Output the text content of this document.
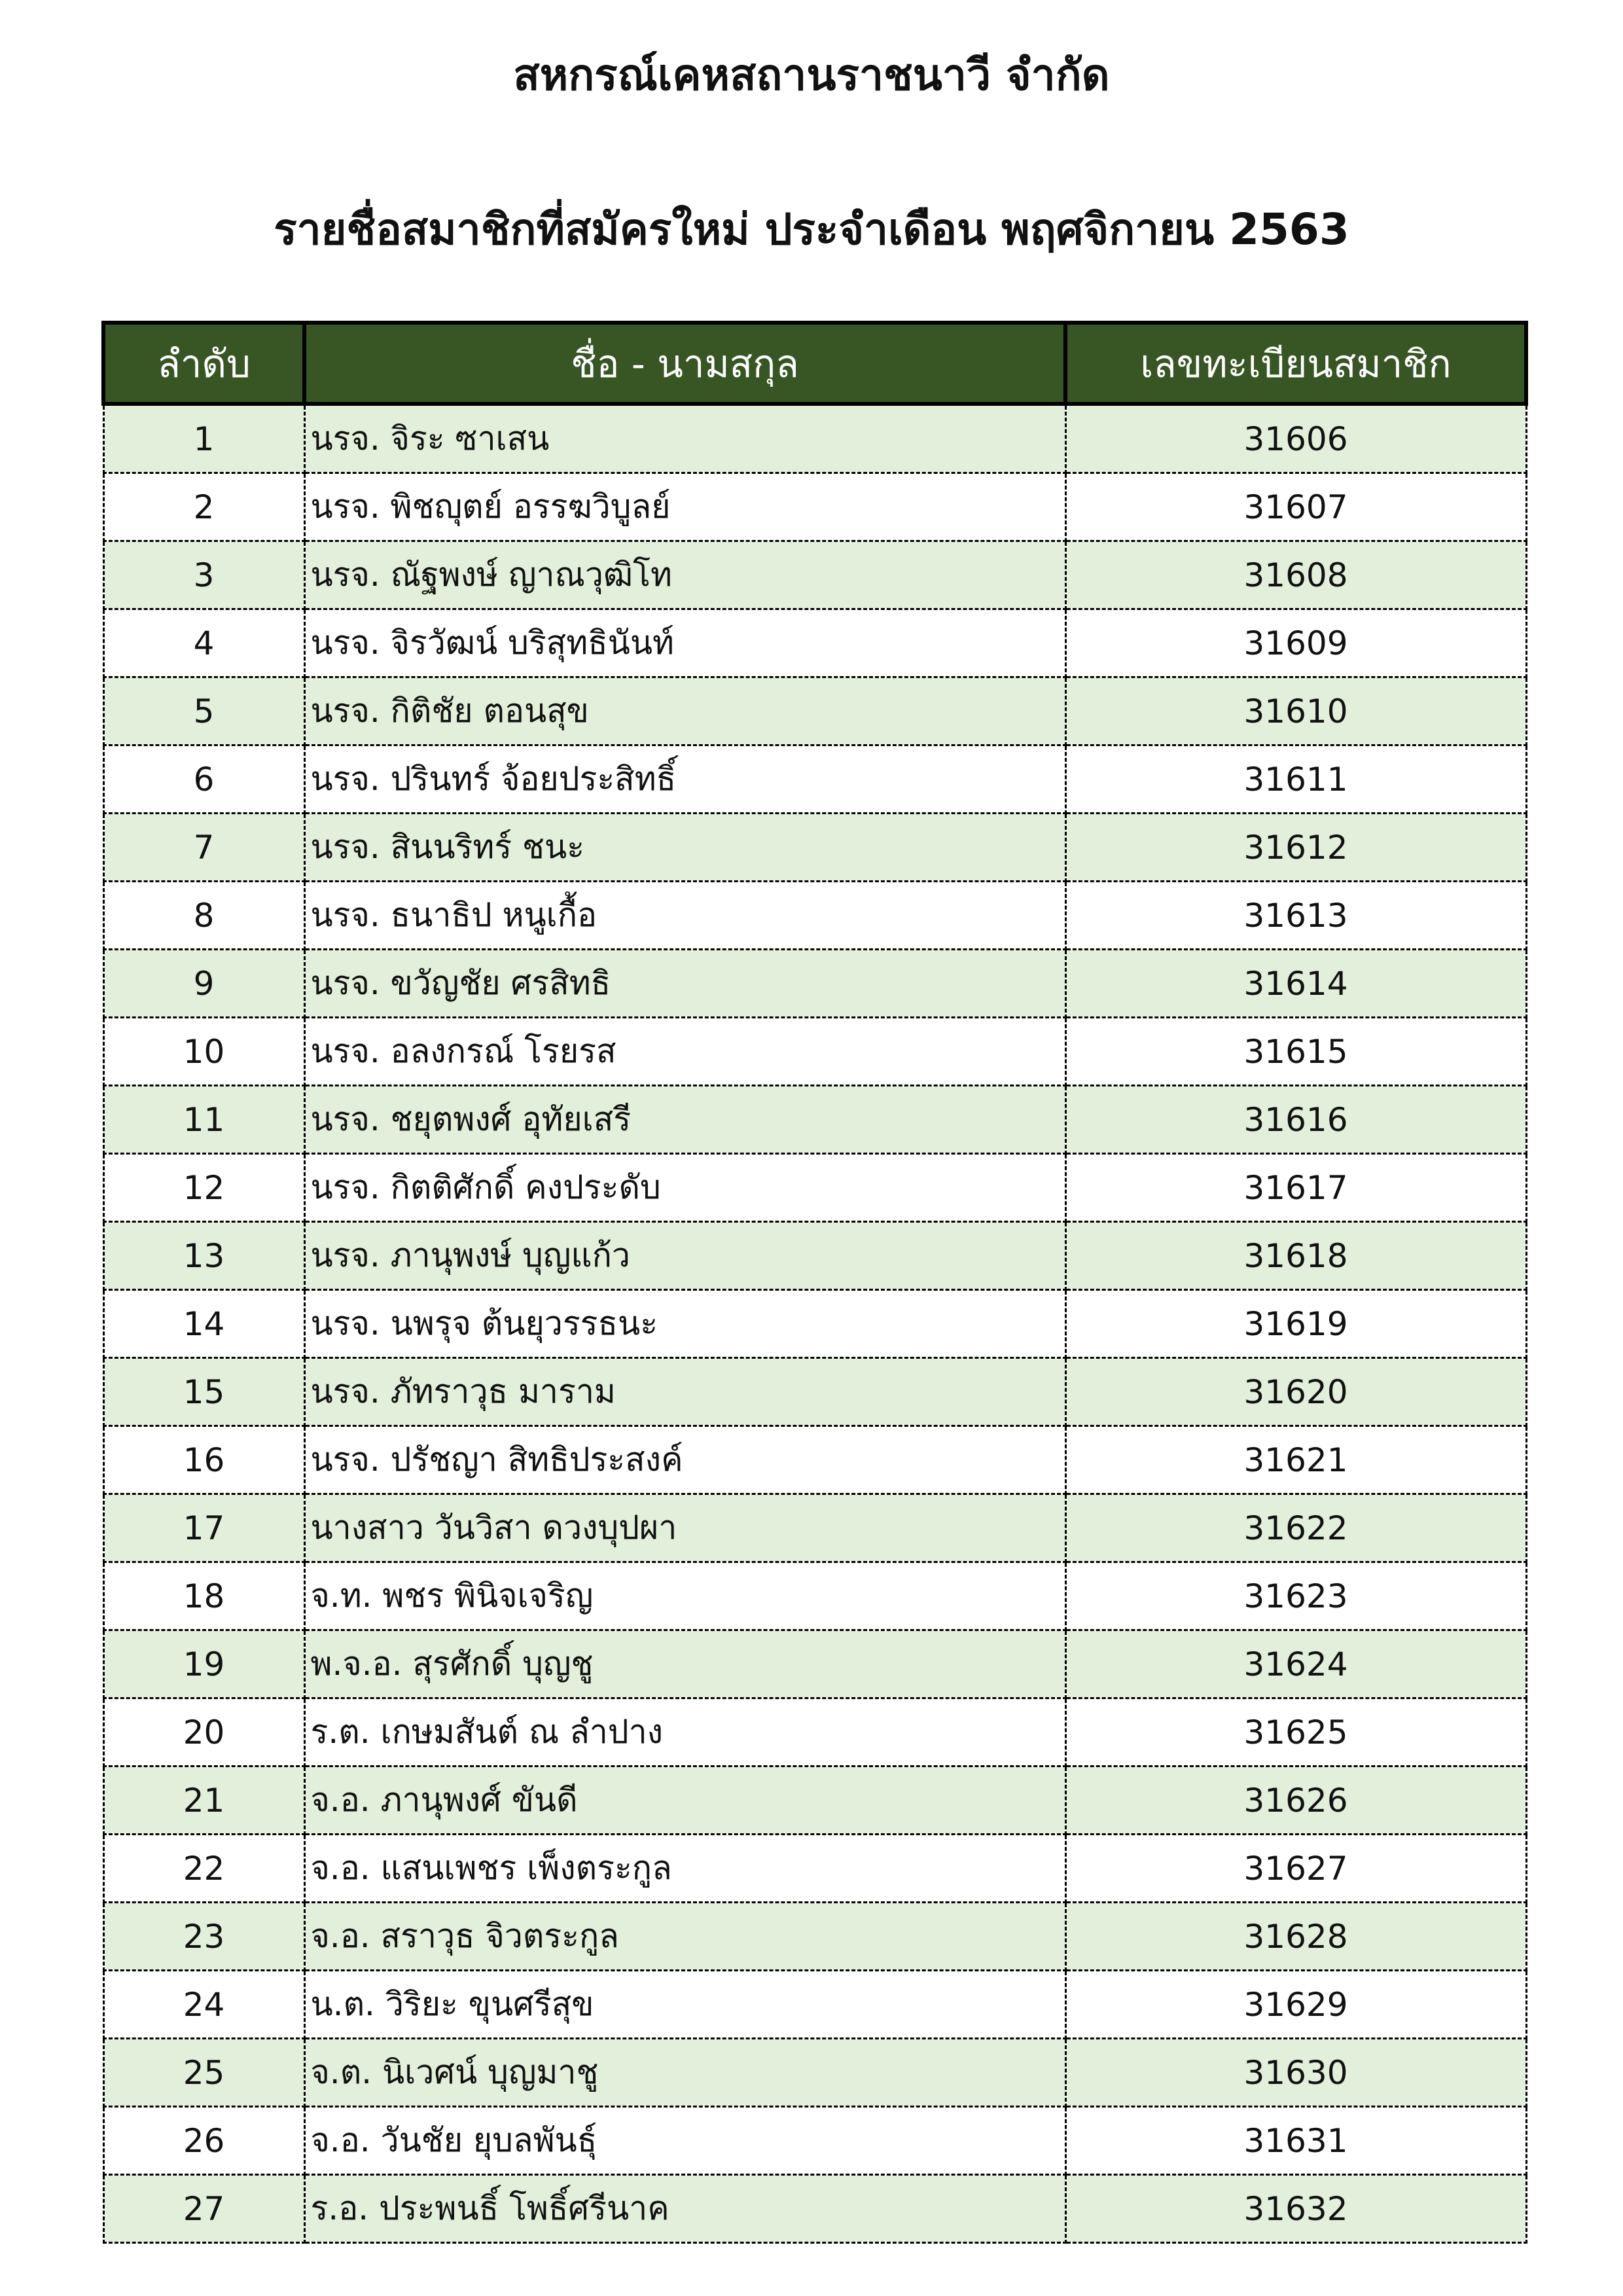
สหกรณ์เคหสถานราชนาวี จำกัด
รายชื่อสมาชิกที่สมัครใหม่ ประจำเดือน พฤศจิกายน 2563
ลำดับ	ชื่อ - นามสกุล	เลขทะเบียนสมาชิก
1	นรจ. จิระ ซาเสน	31606
2	นรจ. พิชญุตย์ อรรฆวิบูลย์	31607
3	นรจ. ณัฐพงษ์ ญาณวุฒิโท	31608
4	นรจ. จิรวัฒน์ บริสุทธินันท์	31609
5	นรจ. กิติชัย ตอนสุข	31610
6	นรจ. ปรินทร์ จ้อยประสิทธิ์	31611
7	นรจ. สินนริทร์ ชนะ	31612
8	นรจ. ธนาธิป หนูเกื้อ	31613
9	นรจ. ขวัญชัย ศรสิทธิ	31614
10	นรจ. อลงกรณ์ โรยรส	31615
11	นรจ. ชยุตพงศ์ อุทัยเสรี	31616
12	นรจ. กิตติศักดิ์ คงประดับ	31617
13	นรจ. ภานุพงษ์ บุญแก้ว	31618
14	นรจ. นพรุจ ต้นยุวรรธนะ	31619
15	นรจ. ภัทราวุธ มาราม	31620
16	นรจ. ปรัชญา สิทธิประสงค์	31621
17	นางสาว วันวิสา ดวงบุปผา	31622
18	จ.ท. พชร พินิจเจริญ	31623
19	พ.จ.อ. สุรศักดิ์ บุญชู	31624
20	ร.ต. เกษมสันต์ ณ ลำปาง	31625
21	จ.อ. ภานุพงศ์ ขันดี	31626
22	จ.อ. แสนเพชร เพ็งตระกูล	31627
23	จ.อ. สราวุธ จิวตระกูล	31628
24	น.ต. วิริยะ ขุนศรีสุข	31629
25	จ.ต. นิเวศน์ บุญมาชู	31630
26	จ.อ. วันชัย ยุบลพันธุ์	31631
27	ร.อ. ประพนธิ์ โพธิ์ศรีนาค	31632
